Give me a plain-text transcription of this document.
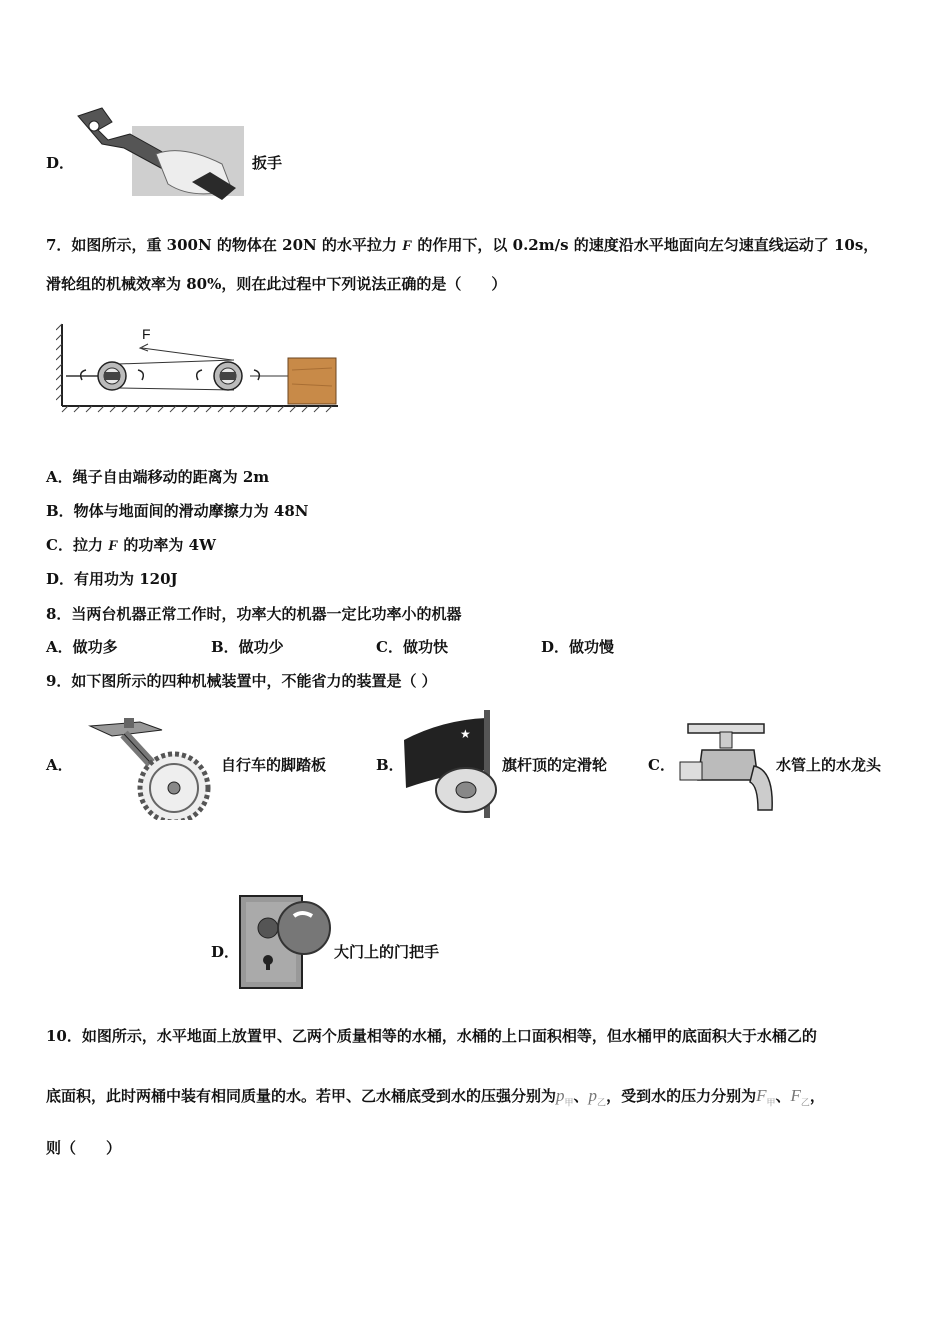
D．	扳手
7．如图所示，重 300N 的物体在 20N 的水平拉力 F 的作用下，以 0.2m/s 的速度沿水平地面向左匀速直线运动了 10s，
滑轮组的机械效率为 80%，则在此过程中下列说法正确的是（　　）
F
A．绳子自由端移动的距离为 2m
B．物体与地面间的滑动摩擦力为 48N
C．拉力 F 的功率为 4W
D．有用功为 120J
8．当两台机器正常工作时，功率大的机器一定比功率小的机器
A．做功多	B．做功少	C．做功快	D．做功慢
9．如下图所示的四种机械装置中，不能省力的装置是（ ）
A．	自行车的脚踏板	B．
★
旗杆顶的定滑轮	C．	水管上的水龙头
D．	大门上的门把手
10．如图所示，水平地面上放置甲、乙两个质量相等的水桶，水桶的上口面积相等，但水桶甲的底面积大于水桶乙的
底面积，此时两桶中装有相同质量的水。若甲、乙水桶底受到水的压强分别为$p_甲$、$p_乙$，受到水的压力分别为$F_甲$、$F_乙$，
则（　　）
